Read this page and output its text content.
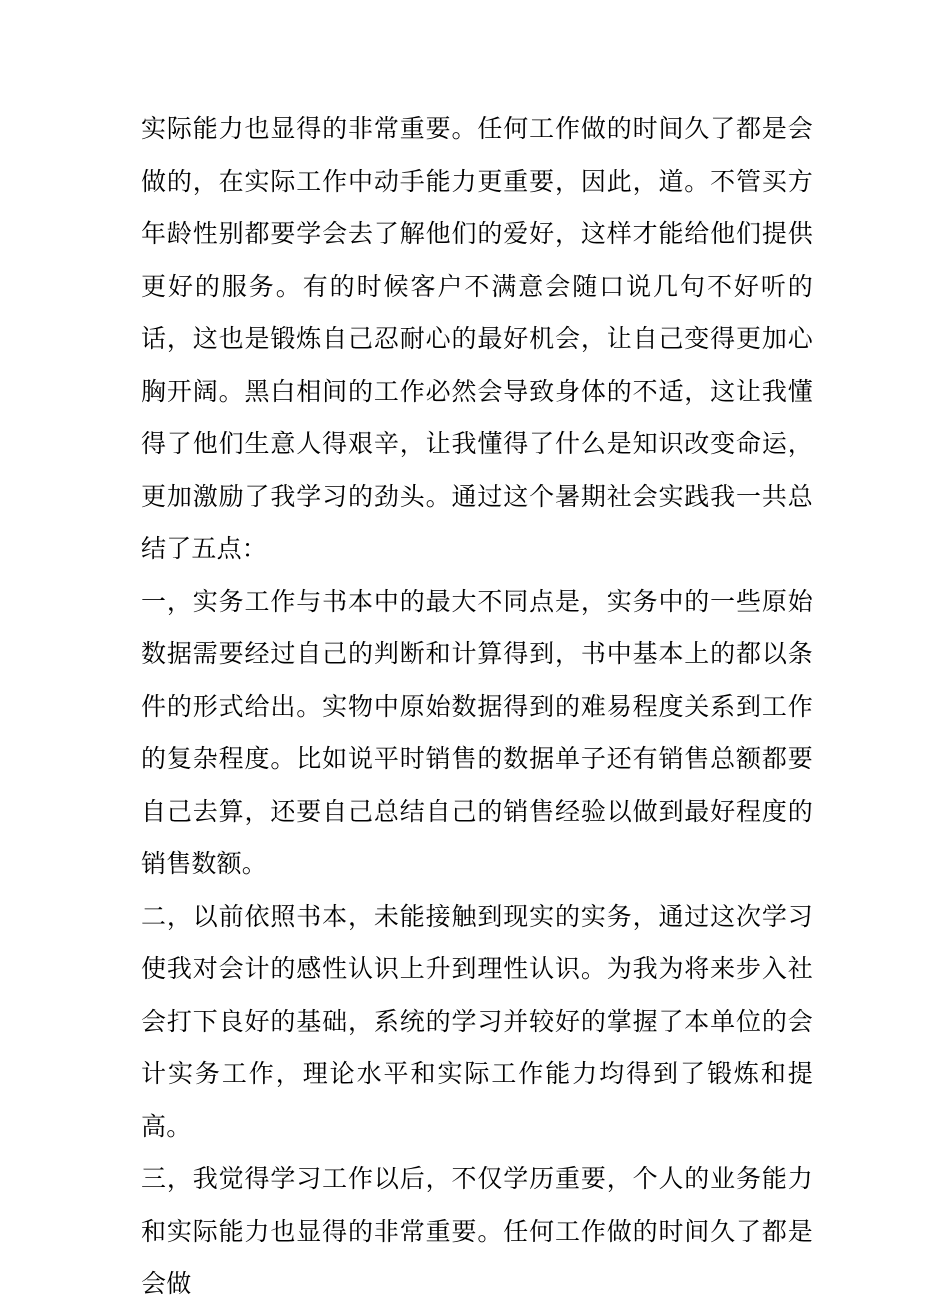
实际能力也显得的非常重要。任何工作做的时间久了都是会做的，在实际工作中动手能力更重要，因此，道。不管买方年龄性别都要学会去了解他们的爱好，这样才能给他们提供更好的服务。有的时候客户不满意会随口说几句不好听的话，这也是锻炼自己忍耐心的最好机会，让自己变得更加心胸开阔。黑白相间的工作必然会导致身体的不适，这让我懂得了他们生意人得艰辛，让我懂得了什么是知识改变命运，更加激励了我学习的劲头。通过这个暑期社会实践我一共总结了五点：

一，实务工作与书本中的最大不同点是，实务中的一些原始数据需要经过自己的判断和计算得到，书中基本上的都以条件的形式给出。实物中原始数据得到的难易程度关系到工作的复杂程度。比如说平时销售的数据单子还有销售总额都要自己去算，还要自己总结自己的销售经验以做到最好程度的销售数额。

二，以前依照书本，未能接触到现实的实务，通过这次学习使我对会计的感性认识上升到理性认识。为我为将来步入社会打下良好的基础，系统的学习并较好的掌握了本单位的会计实务工作，理论水平和实际工作能力均得到了锻炼和提高。

三，我觉得学习工作以后，不仅学历重要，个人的业务能力和实际能力也显得的非常重要。任何工作做的时间久了都是会做
